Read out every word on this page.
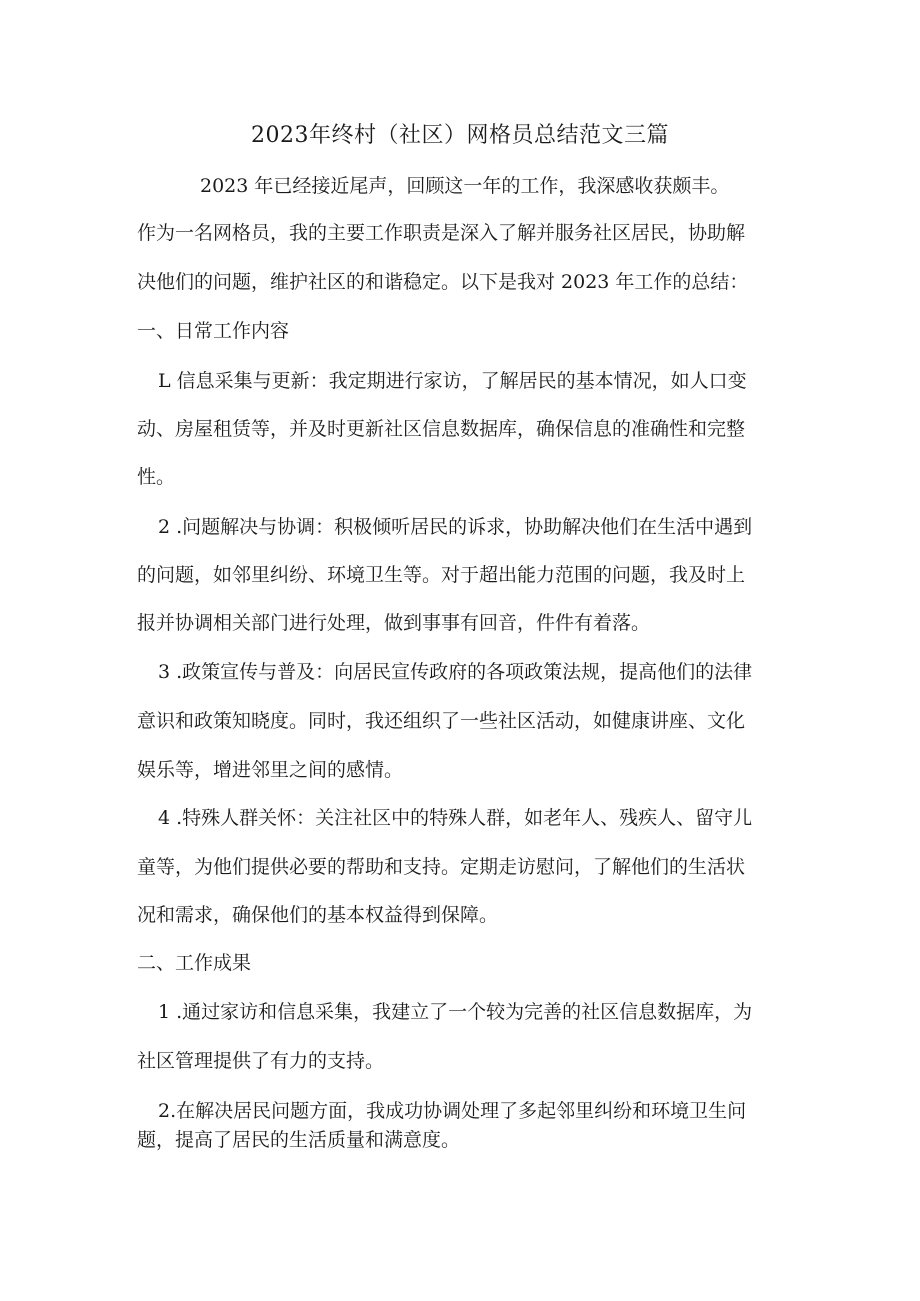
2023年终村（社区）网格员总结范文三篇
2023 年已经接近尾声，回顾这一年的工作，我深感收获颇丰。
作为一名网格员，我的主要工作职责是深入了解并服务社区居民，协助解
决他们的问题，维护社区的和谐稳定。以下是我对 2023 年工作的总结：
一、日常工作内容
L 信息采集与更新：我定期进行家访，了解居民的基本情况，如人口变
动、房屋租赁等，并及时更新社区信息数据库，确保信息的准确性和完整
性。
2 .问题解决与协调：积极倾听居民的诉求，协助解决他们在生活中遇到
的问题，如邻里纠纷、环境卫生等。对于超出能力范围的问题，我及时上
报并协调相关部门进行处理，做到事事有回音，件件有着落。
3 .政策宣传与普及：向居民宣传政府的各项政策法规，提高他们的法律
意识和政策知晓度。同时，我还组织了一些社区活动，如健康讲座、文化
娱乐等，增进邻里之间的感情。
4 .特殊人群关怀：关注社区中的特殊人群，如老年人、残疾人、留守儿
童等，为他们提供必要的帮助和支持。定期走访慰问，了解他们的生活状
况和需求，确保他们的基本权益得到保障。
二、工作成果
1 .通过家访和信息采集，我建立了一个较为完善的社区信息数据库，为
社区管理提供了有力的支持。
2.在解决居民问题方面，我成功协调处理了多起邻里纠纷和环境卫生问
题，提高了居民的生活质量和满意度。
